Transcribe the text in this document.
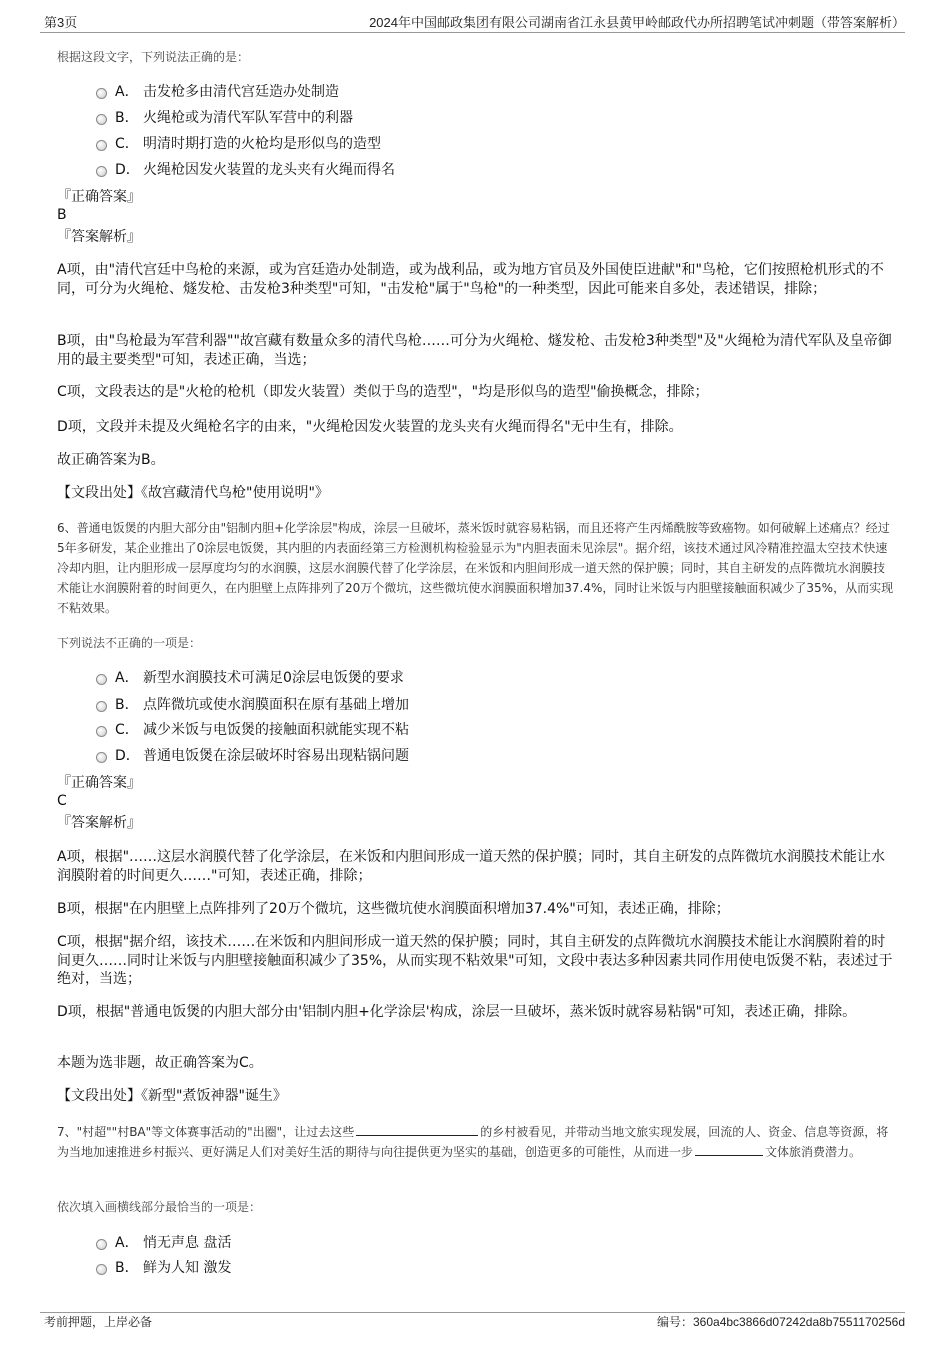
第3页	2024年中国邮政集团有限公司湖南省江永县黄甲岭邮政代办所招聘笔试冲刺题（带答案解析）
根据这段文字，下列说法正确的是：
A． 击发枪多由清代宫廷造办处制造
B． 火绳枪或为清代军队军营中的利器
C． 明清时期打造的火枪均是形似鸟的造型
D． 火绳枪因发火装置的龙头夹有火绳而得名
『正确答案』
B
『答案解析』
A项，由"清代宫廷中鸟枪的来源，或为宫廷造办处制造，或为战利品，或为地方官员及外国使臣进献"和"鸟枪，它们按照枪机形式的不同，可分为火绳枪、燧发枪、击发枪3种类型"可知，"击发枪"属于"鸟枪"的一种类型，因此可能来自多处，表述错误，排除；
B项，由"鸟枪最为军营利器""故宫藏有数量众多的清代鸟枪……可分为火绳枪、燧发枪、击发枪3种类型"及"火绳枪为清代军队及皇帝御用的最主要类型"可知，表述正确，当选；
C项，文段表达的是"火枪的枪机（即发火装置）类似于鸟的造型"，"均是形似鸟的造型"偷换概念，排除；
D项，文段并未提及火绳枪名字的由来，"火绳枪因发火装置的龙头夹有火绳而得名"无中生有，排除。
故正确答案为B。
【文段出处】《故宫藏清代鸟枪"使用说明"》
6、普通电饭煲的内胆大部分由"铝制内胆+化学涂层"构成，涂层一旦破坏，蒸米饭时就容易粘锅，而且还将产生丙烯酰胺等致癌物。如何破解上述痛点？经过5年多研发，某企业推出了0涂层电饭煲，其内胆的内表面经第三方检测机构检验显示为"内胆表面未见涂层"。据介绍，该技术通过风冷精准控温太空技术快速冷却内胆，让内胆形成一层厚度均匀的水润膜，这层水润膜代替了化学涂层，在米饭和内胆间形成一道天然的保护膜；同时，其自主研发的点阵微坑水润膜技术能让水润膜附着的时间更久，在内胆壁上点阵排列了20万个微坑，这些微坑使水润膜面积增加37.4%，同时让米饭与内胆壁接触面积减少了35%，从而实现不粘效果。
下列说法不正确的一项是：
A． 新型水润膜技术可满足0涂层电饭煲的要求
B． 点阵微坑或使水润膜面积在原有基础上增加
C． 减少米饭与电饭煲的接触面积就能实现不粘
D． 普通电饭煲在涂层破坏时容易出现粘锅问题
『正确答案』
C
『答案解析』
A项，根据"……这层水润膜代替了化学涂层，在米饭和内胆间形成一道天然的保护膜；同时，其自主研发的点阵微坑水润膜技术能让水润膜附着的时间更久……"可知，表述正确，排除；
B项，根据"在内胆壁上点阵排列了20万个微坑，这些微坑使水润膜面积增加37.4%"可知，表述正确，排除；
C项，根据"据介绍，该技术……在米饭和内胆间形成一道天然的保护膜；同时，其自主研发的点阵微坑水润膜技术能让水润膜附着的时间更久……同时让米饭与内胆壁接触面积减少了35%，从而实现不粘效果"可知，文段中表达多种因素共同作用使电饭煲不粘，表述过于绝对，当选；
D项，根据"普通电饭煲的内胆大部分由'铝制内胆+化学涂层'构成，涂层一旦破坏，蒸米饭时就容易粘锅"可知，表述正确，排除。
本题为选非题，故正确答案为C。
【文段出处】《新型"煮饭神器"诞生》
7、"村超""村BA"等文体赛事活动的"出圈"，让过去这些	的乡村被看见，并带动当地文旅实现发展，回流的人、资金、信息等资源，将为当地加速推进乡村振兴、更好满足人们对美好生活的期待与向往提供更为坚实的基础，创造更多的可能性，从而进一步	文体旅消费潜力。
依次填入画横线部分最恰当的一项是：
A． 悄无声息 盘活
B． 鲜为人知 激发
考前押题，上岸必备	编号：360a4bc3866d07242da8b7551170256d
